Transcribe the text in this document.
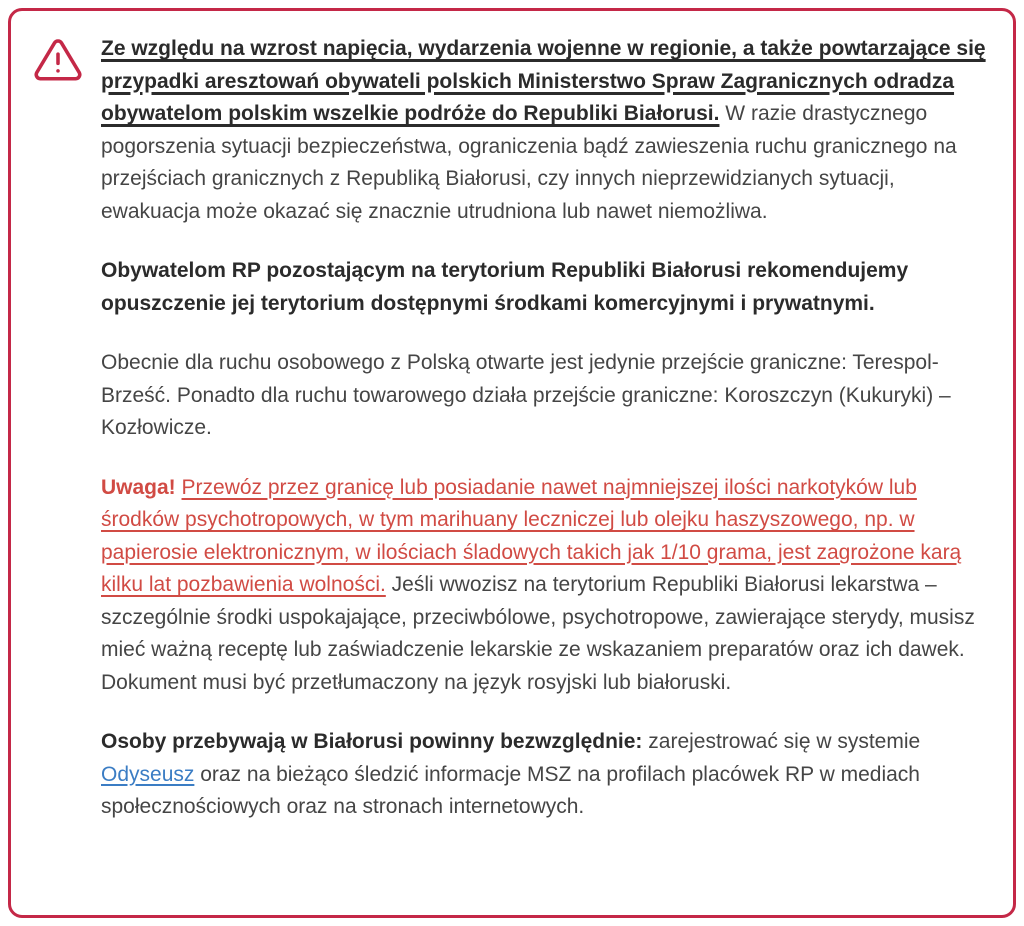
Ze względu na wzrost napięcia, wydarzenia wojenne w regionie, a także powtarzające się przypadki aresztowań obywateli polskich Ministerstwo Spraw Zagranicznych odradza obywatelom polskim wszelkie podróże do Republiki Białorusi. W razie drastycznego pogorszenia sytuacji bezpieczeństwa, ograniczenia bądź zawieszenia ruchu granicznego na przejściach granicznych z Republiką Białorusi, czy innych nieprzewidzianych sytuacji, ewakuacja może okazać się znacznie utrudniona lub nawet niemożliwa.

Obywatelom RP pozostającym na terytorium Republiki Białorusi rekomendujemy opuszczenie jej terytorium dostępnymi środkami komercyjnymi i prywatnymi.

Obecnie dla ruchu osobowego z Polską otwarte jest jedynie przejście graniczne: Terespol-Brześć. Ponadto dla ruchu towarowego działa przejście graniczne: Koroszczyn (Kukuryki) – Kozłowicze.

Uwaga! Przewóz przez granicę lub posiadanie nawet najmniejszej ilości narkotyków lub środków psychotropowych, w tym marihuany leczniczej lub olejku haszyszowego, np. w papierosie elektronicznym, w ilościach śladowych takich jak 1/10 grama, jest zagrożone karą kilku lat pozbawienia wolności. Jeśli wwozisz na terytorium Republiki Białorusi lekarstwa – szczególnie środki uspokajające, przeciwbólowe, psychotropowe, zawierające sterydy, musisz mieć ważną receptę lub zaświadczenie lekarskie ze wskazaniem preparatów oraz ich dawek. Dokument musi być przetłumaczony na język rosyjski lub białoruski.

Osoby przebywają w Białorusi powinny bezwzględnie: zarejestrować się w systemie Odyseusz oraz na bieżąco śledzić informacje MSZ na profilach placówek RP w mediach społecznościowych oraz na stronach internetowych.
